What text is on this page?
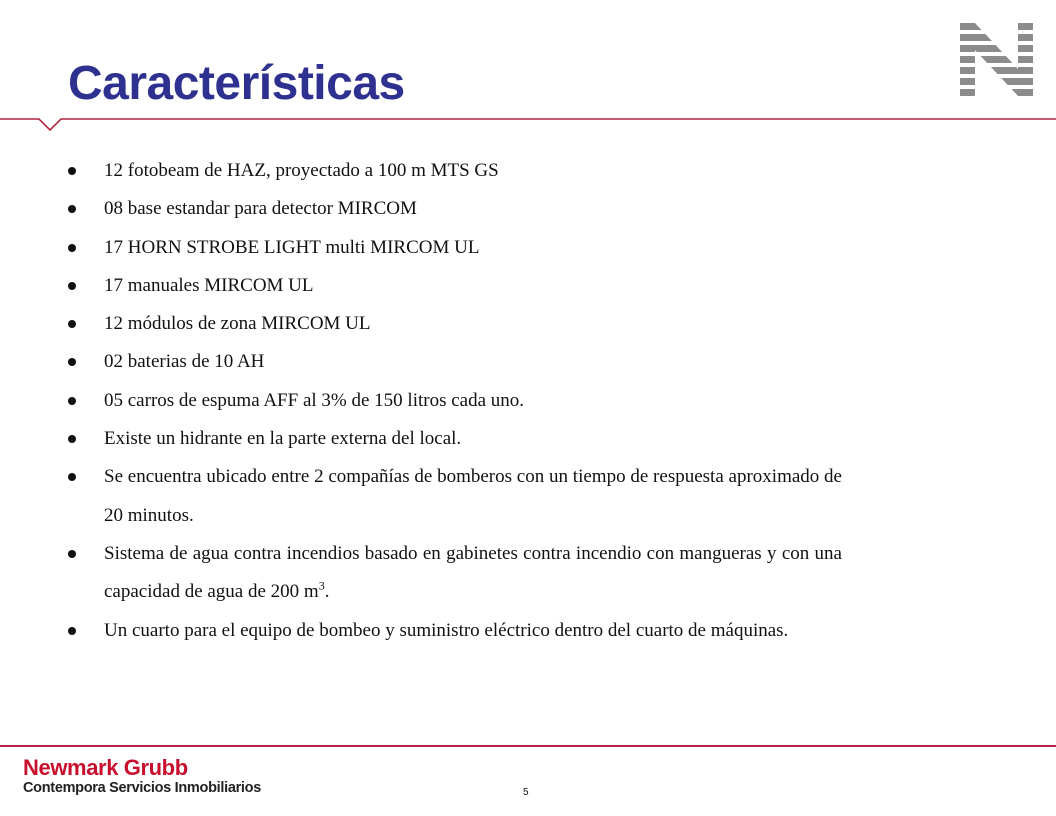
Características
12 fotobeam de HAZ, proyectado a 100 m MTS GS
08 base estandar para detector MIRCOM
17 HORN STROBE LIGHT multi MIRCOM UL
17 manuales MIRCOM UL
12 módulos de zona MIRCOM UL
02 baterias de 10 AH
05 carros de espuma AFF al 3% de 150 litros cada uno.
Existe un hidrante en la parte externa del local.
Se encuentra ubicado entre 2 compañías de bomberos con un tiempo de respuesta aproximado de 20 minutos.
Sistema de agua contra incendios basado en gabinetes contra incendio con mangueras y con una capacidad de agua de 200 $m^3$.
Un cuarto para el equipo de bombeo y suministro eléctrico dentro del cuarto de máquinas.
Newmark Grubb
Contempora Servicios Inmobiliarios	5
